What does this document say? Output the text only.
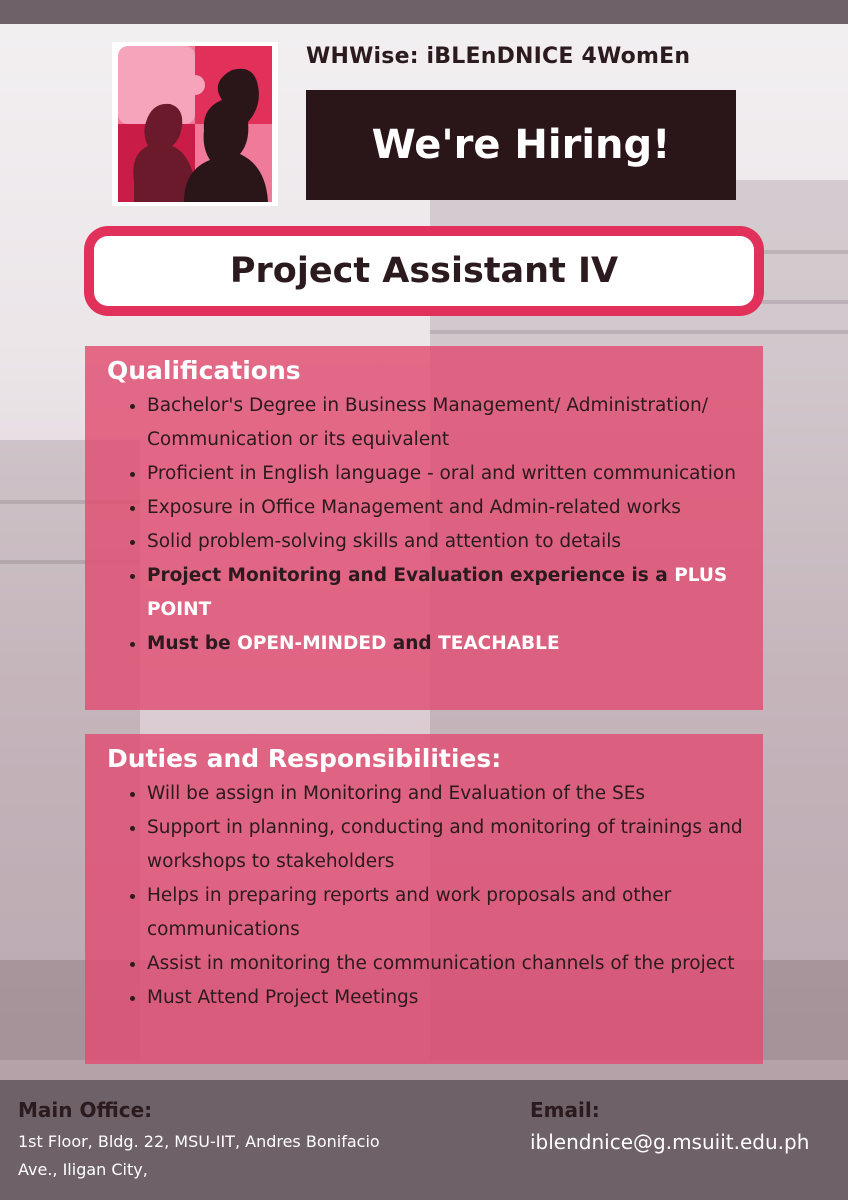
WHWise: iBLEnDNICE 4WomEn
We're Hiring!
Project Assistant IV
Qualifications
• Bachelor's Degree in Business Management/ Administration/ Communication or its equivalent
• Proficient in English language - oral and written communication
• Exposure in Office Management and Admin-related works
• Solid problem-solving skills and attention to details
• Project Monitoring and Evaluation experience is a PLUS POINT
• Must be OPEN-MINDED and TEACHABLE
Duties and Responsibilities:
• Will be assign in Monitoring and Evaluation of the SEs
• Support in planning, conducting and monitoring of trainings and workshops to stakeholders
• Helps in preparing reports and work proposals and other communications
• Assist in monitoring the communication channels of the project
• Must Attend Project Meetings
Main Office:
1st Floor, Bldg. 22, MSU-IIT, Andres Bonifacio
Ave., Iligan City,
Email:
iblendnice@g.msuiit.edu.ph
